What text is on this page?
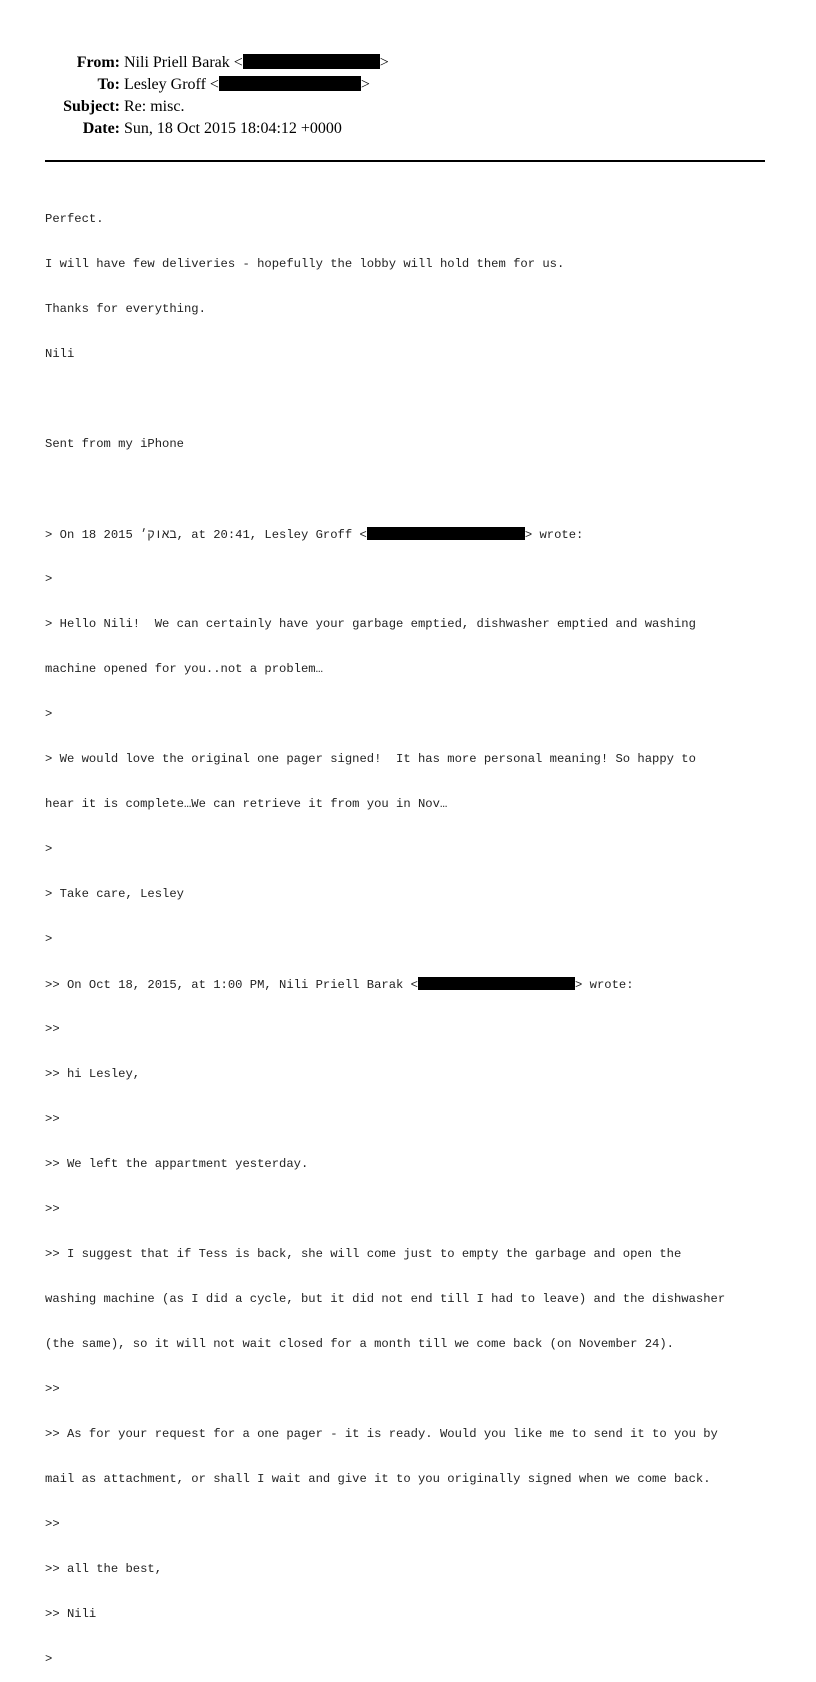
From: Nili Priell Barak <	>
To: Lesley Groff <	>
Subject: Re: misc.
Date: Sun, 18 Oct 2015 18:04:12 +0000

Perfect.

I will have few deliveries - hopefully the lobby will hold them for us.

Thanks for everything.

Nili

Sent from my iPhone

> On 18 2015 באוק׳, at 20:41, Lesley Groff <	> wrote:

>

> Hello Nili!  We can certainly have your garbage emptied, dishwasher emptied and washing

machine opened for you..not a problem…

>

> We would love the original one pager signed!  It has more personal meaning! So happy to

hear it is complete…We can retrieve it from you in Nov…

>

> Take care, Lesley

>

>> On Oct 18, 2015, at 1:00 PM, Nili Priell Barak <	> wrote:

>>

>> hi Lesley,

>>

>> We left the appartment yesterday.

>>

>> I suggest that if Tess is back, she will come just to empty the garbage and open the

washing machine (as I did a cycle, but it did not end till I had to leave) and the dishwasher

(the same), so it will not wait closed for a month till we come back (on November 24).

>>

>> As for your request for a one pager - it is ready. Would you like me to send it to you by

mail as attachment, or shall I wait and give it to you originally signed when we come back.

>>

>> all the best,

>> Nili

>
